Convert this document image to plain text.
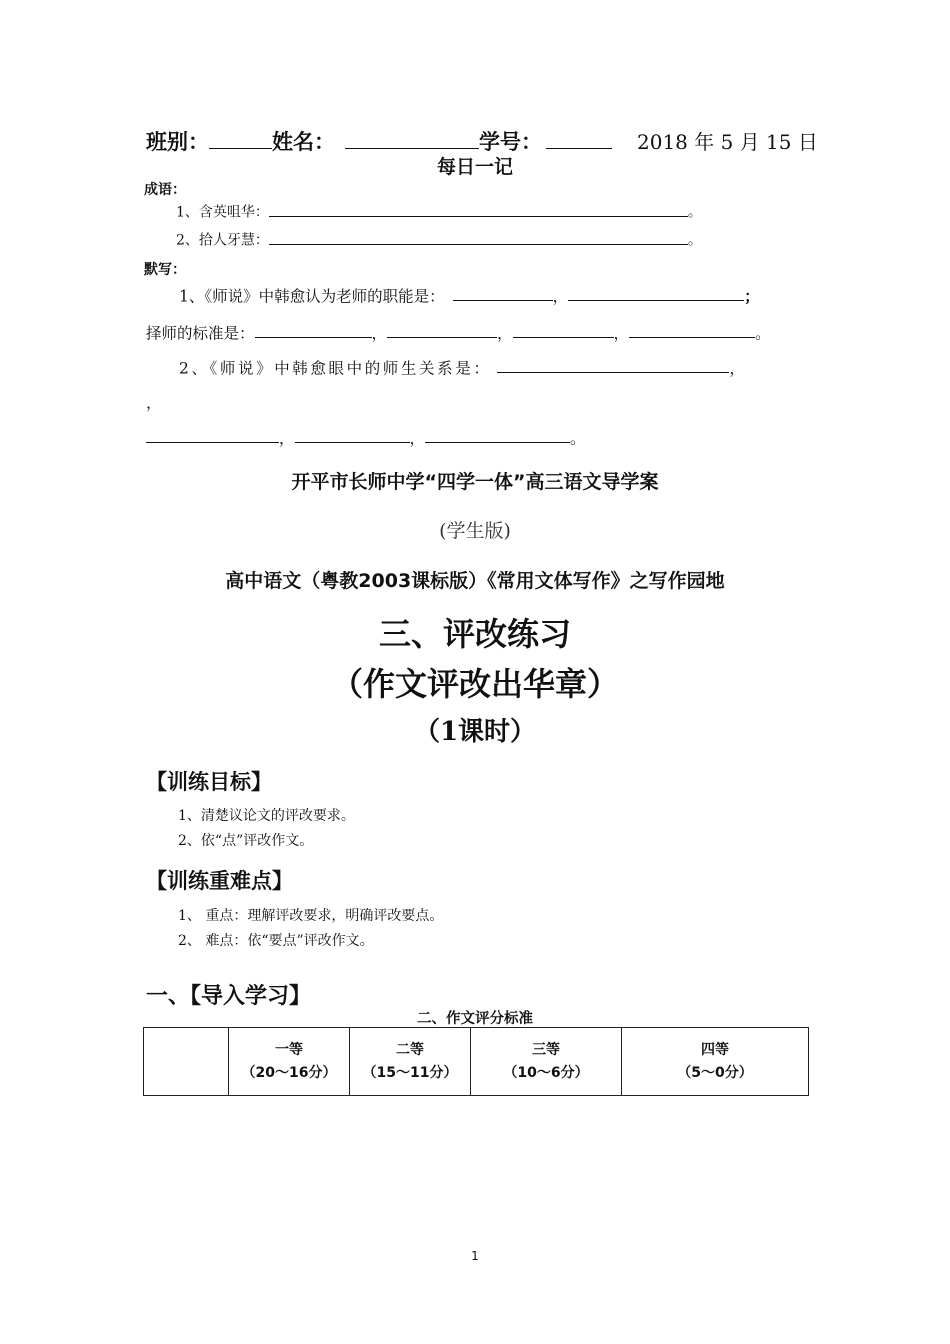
班别：	姓名：	学号：	2018 年 5 月 15 日
每日一记
成语：
1、含英咀华：	。
2、拾人牙慧：	。
默写：
1、《师说》中韩愈认为老师的职能是：	，	；
择师的标准是：	，	，	，	。
2、《师说》中韩愈眼中的师生关系是：	，
，
，	，	。
开平市长师中学“四学一体”高三语文导学案
(学生版)
高中语文（粤教2003课标版）《常用文体写作》之写作园地
三、评改练习
（作文评改出华章）
（1课时）
【训练目标】
1、清楚议论文的评改要求。
2、依“点”评改作文。
【训练重难点】
1、 重点：理解评改要求，明确评改要点。
2、 难点：依“要点”评改作文。
一、【导入学习】
二、作文评分标准
	一等
（20～16分）	二等
（15～11分）	三等
（10～6分）	四等
（5～0分）
1
